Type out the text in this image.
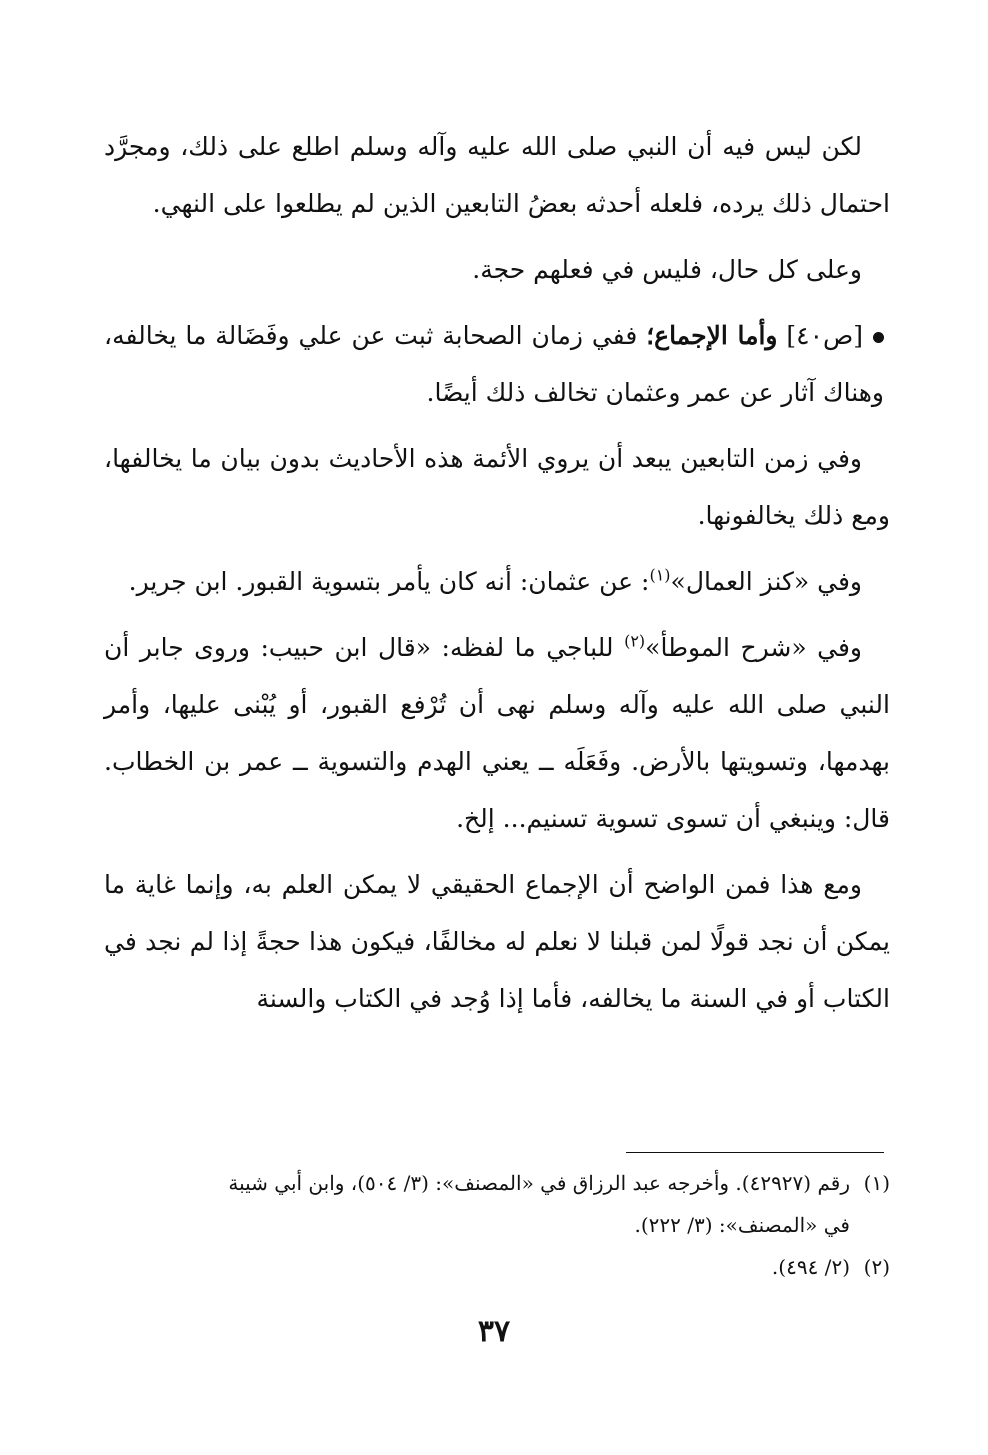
لكن ليس فيه أن النبي صلى الله عليه وآله وسلم اطلع على ذلك، ومجرَّد احتمال ذلك يرده، فلعله أحدثه بعضُ التابعين الذين لم يطلعوا على النهي.

وعلى كل حال، فليس في فعلهم حجة.

[ص٤٠] وأما الإجماع؛ ففي زمان الصحابة ثبت عن علي وفَضَالة ما يخالفه، وهناك آثار عن عمر وعثمان تخالف ذلك أيضًا.

وفي زمن التابعين يبعد أن يروي الأئمة هذه الأحاديث بدون بيان ما يخالفها، ومع ذلك يخالفونها.

وفي «كنز العمال»$^{(١)}$: عن عثمان: أنه كان يأمر بتسوية القبور. ابن جرير.

وفي «شرح الموطأ»$^{(٢)}$ للباجي ما لفظه: «قال ابن حبيب: وروى جابر أن النبي صلى الله عليه وآله وسلم نهى أن تُرْفع القبور، أو يُبْنى عليها، وأمر بهدمها، وتسويتها بالأرض. وفَعَلَه ــ يعني الهدم والتسوية ــ عمر بن الخطاب. قال: وينبغي أن تسوى تسوية تسنيم... إلخ.

ومع هذا فمن الواضح أن الإجماع الحقيقي لا يمكن العلم به، وإنما غاية ما يمكن أن نجد قولًا لمن قبلنا لا نعلم له مخالفًا، فيكون هذا حجةً إذا لم نجد في الكتاب أو في السنة ما يخالفه، فأما إذا وُجد في الكتاب والسنة

(١)رقم (٤٢٩٢٧). وأخرجه عبد الرزاق في «المصنف»: (٣/ ٥٠٤)، وابن أبي شيبة

في «المصنف»: (٣/ ٢٢٢).

(٢)(٢/ ٤٩٤).

٣٧
